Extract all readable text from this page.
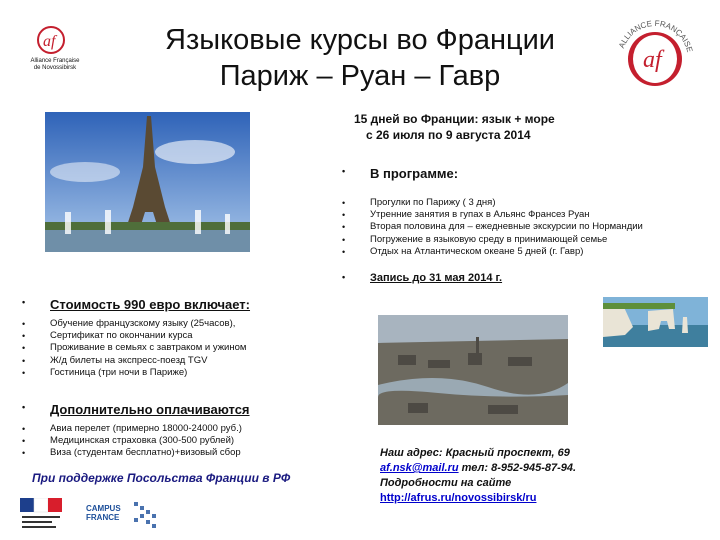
af
Alliance Française
de Novossibirsk
ALLIANCE FRANÇAISE
af
Языковые курсы во Франции
Париж – Руан – Гавр
15 дней во Франции: язык + море
с 26 июля по 9 августа 2014
• В программе:
• Прогулки по Парижу ( 3 дня)
• Утренние занятия в гупах в Альянс Франсез Руан
• Вторая половина для – ежедневные экскурсии по Нормандии
• Погружение в языковую среду в принимающей семье
• Отдых на Атлантическом океане 5 дней (г. Гавр)
• Запись до 31 мая 2014 г.
• Стоимость 990 евро включает:
• Обучение французскому языку (25часов),
• Сертификат по окончании курса
• Проживание в семьях с завтраком и ужином
• Ж/д билеты на экспресс-поезд TGV
• Гостиница (три ночи в Париже)
• Дополнительно оплачиваются
• Авиа перелет (примерно 18000-24000 руб.)
• Медицинская страховка (300-500 рублей)
• Виза (студентам бесплатно)+визовый сбор
При поддержке Посольства Франции в РФ
CAMPUS
FRANCE
Наш адрес: Красный проспект, 69
af.nsk@mail.ru тел: 8-952-945-87-94.
Подробности на сайте
http://afrus.ru/novossibirsk/ru
